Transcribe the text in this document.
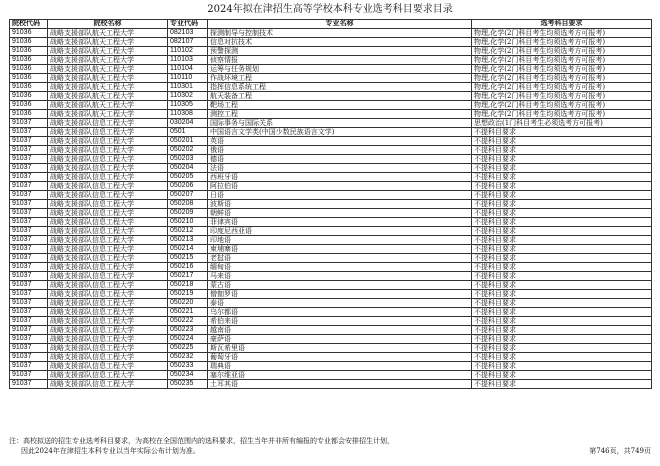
2024年拟在津招生高等学校本科专业选考科目要求目录
院校代码	院校名称	专业代码	专业名称	选考科目要求
91036	战略支援部队航天工程大学	082103	探测制导与控制技术	物理,化学(2门科目考生均须选考方可报考)
91036	战略支援部队航天工程大学	082107	信息对抗技术	物理,化学(2门科目考生均须选考方可报考)
91036	战略支援部队航天工程大学	110102	预警探测	物理,化学(2门科目考生均须选考方可报考)
91036	战略支援部队航天工程大学	110103	侦察情报	物理,化学(2门科目考生均须选考方可报考)
91036	战略支援部队航天工程大学	110104	运筹与任务规划	物理,化学(2门科目考生均须选考方可报考)
91036	战略支援部队航天工程大学	110110	作战环境工程	物理,化学(2门科目考生均须选考方可报考)
91036	战略支援部队航天工程大学	110301	指挥信息系统工程	物理,化学(2门科目考生均须选考方可报考)
91036	战略支援部队航天工程大学	110302	航天装备工程	物理,化学(2门科目考生均须选考方可报考)
91036	战略支援部队航天工程大学	110305	靶场工程	物理,化学(2门科目考生均须选考方可报考)
91036	战略支援部队航天工程大学	110308	测控工程	物理,化学(2门科目考生均须选考方可报考)
91037	战略支援部队信息工程大学	030204	国际事务与国际关系	思想政治(1门科目考生必须选考方可报考)
91037	战略支援部队信息工程大学	0501	中国语言文学类(中国少数民族语言文学)	不提科目要求
91037	战略支援部队信息工程大学	050201	英语	不提科目要求
91037	战略支援部队信息工程大学	050202	俄语	不提科目要求
91037	战略支援部队信息工程大学	050203	德语	不提科目要求
91037	战略支援部队信息工程大学	050204	法语	不提科目要求
91037	战略支援部队信息工程大学	050205	西班牙语	不提科目要求
91037	战略支援部队信息工程大学	050206	阿拉伯语	不提科目要求
91037	战略支援部队信息工程大学	050207	日语	不提科目要求
91037	战略支援部队信息工程大学	050208	波斯语	不提科目要求
91037	战略支援部队信息工程大学	050209	朝鲜语	不提科目要求
91037	战略支援部队信息工程大学	050210	菲律宾语	不提科目要求
91037	战略支援部队信息工程大学	050212	印度尼西亚语	不提科目要求
91037	战略支援部队信息工程大学	050213	印地语	不提科目要求
91037	战略支援部队信息工程大学	050214	柬埔寨语	不提科目要求
91037	战略支援部队信息工程大学	050215	老挝语	不提科目要求
91037	战略支援部队信息工程大学	050216	缅甸语	不提科目要求
91037	战略支援部队信息工程大学	050217	马来语	不提科目要求
91037	战略支援部队信息工程大学	050218	蒙古语	不提科目要求
91037	战略支援部队信息工程大学	050219	僧伽罗语	不提科目要求
91037	战略支援部队信息工程大学	050220	泰语	不提科目要求
91037	战略支援部队信息工程大学	050221	乌尔都语	不提科目要求
91037	战略支援部队信息工程大学	050222	希伯来语	不提科目要求
91037	战略支援部队信息工程大学	050223	越南语	不提科目要求
91037	战略支援部队信息工程大学	050224	豪萨语	不提科目要求
91037	战略支援部队信息工程大学	050225	斯瓦希里语	不提科目要求
91037	战略支援部队信息工程大学	050232	葡萄牙语	不提科目要求
91037	战略支援部队信息工程大学	050233	瑞典语	不提科目要求
91037	战略支援部队信息工程大学	050234	塞尔维亚语	不提科目要求
91037	战略支援部队信息工程大学	050235	土耳其语	不提科目要求
注：高校拟送的招生专业选考科目要求，为高校在全国范围内的选科要求，招生当年并非所有编报的专业都会安排招生计划，
因此2024年在津招生本科专业以当年实际公布计划为准。	第746页，共749页
